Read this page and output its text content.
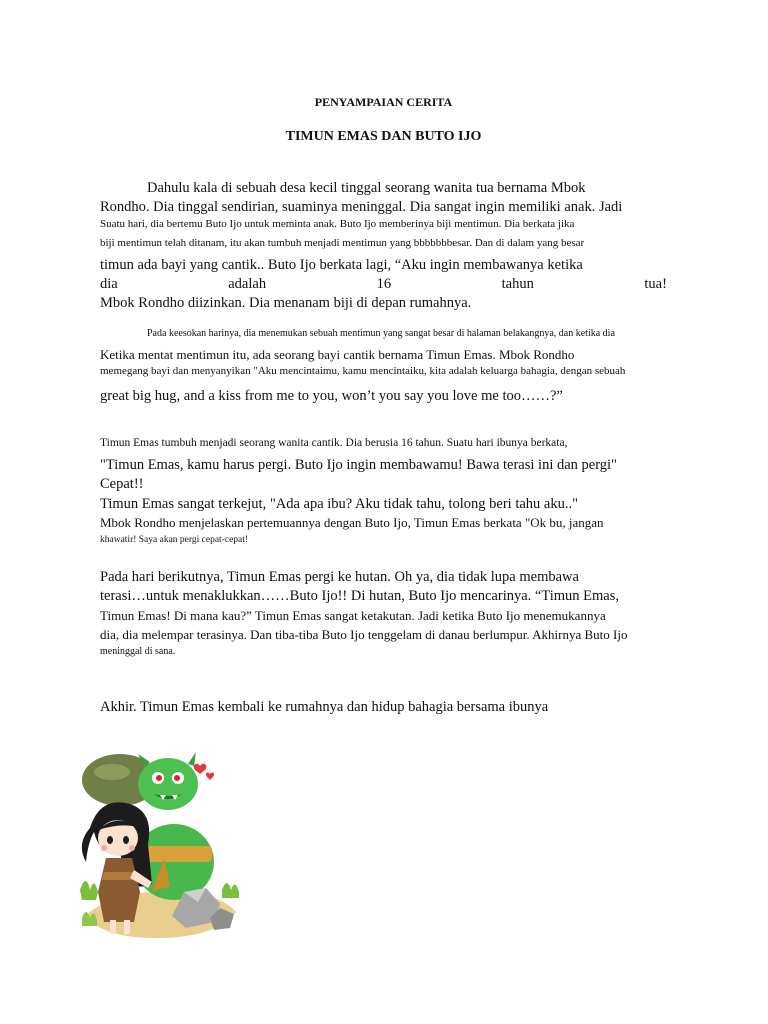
PENYAMPAIAN CERITA
TIMUN EMAS DAN BUTO IJO
Dahulu kala di sebuah desa kecil tinggal seorang wanita tua bernama Mbok
Rondho. Dia tinggal sendirian, suaminya meninggal. Dia sangat ingin memiliki anak. Jadi
Suatu hari, dia bertemu Buto Ijo untuk meminta anak. Buto Ijo memberinya biji mentimun. Dia berkata jika
biji mentimun telah ditanam, itu akan tumbuh menjadi mentimun yang bbbbbbbesar. Dan di dalam yang besar
timun ada bayi yang cantik.. Buto Ijo berkata lagi, “Aku ingin membawanya ketika
dia	adalah	16	tahun	tua!
Mbok Rondho diizinkan. Dia menanam biji di depan rumahnya.
Pada keesokan harinya, dia menemukan sebuah mentimun yang sangat besar di halaman belakangnya, dan ketika dia
Ketika mentat mentimun itu, ada seorang bayi cantik bernama Timun Emas. Mbok Rondho
memegang bayi dan menyanyikan "Aku mencintaimu, kamu mencintaiku, kita adalah keluarga bahagia, dengan sebuah
great big hug, and a kiss from me to you, won’t you say you love me too……?”
Timun Emas tumbuh menjadi seorang wanita cantik. Dia berusia 16 tahun. Suatu hari ibunya berkata,
"Timun Emas, kamu harus pergi. Buto Ijo ingin membawamu! Bawa terasi ini dan pergi"
Cepat!!
Timun Emas sangat terkejut, "Ada apa ibu? Aku tidak tahu, tolong beri tahu aku.."
Mbok Rondho menjelaskan pertemuannya dengan Buto Ijo, Timun Emas berkata "Ok bu, jangan
khawatir! Saya akan pergi cepat-cepat!
Pada hari berikutnya, Timun Emas pergi ke hutan. Oh ya, dia tidak lupa membawa
terasi…untuk menaklukkan……Buto Ijo!! Di hutan, Buto Ijo mencarinya. “Timun Emas,
Timun Emas! Di mana kau?” Timun Emas sangat ketakutan. Jadi ketika Buto Ijo menemukannya
dia, dia melempar terasinya. Dan tiba-tiba Buto Ijo tenggelam di danau berlumpur. Akhirnya Buto Ijo
meninggal di sana.
Akhir. Timun Emas kembali ke rumahnya dan hidup bahagia bersama ibunya
